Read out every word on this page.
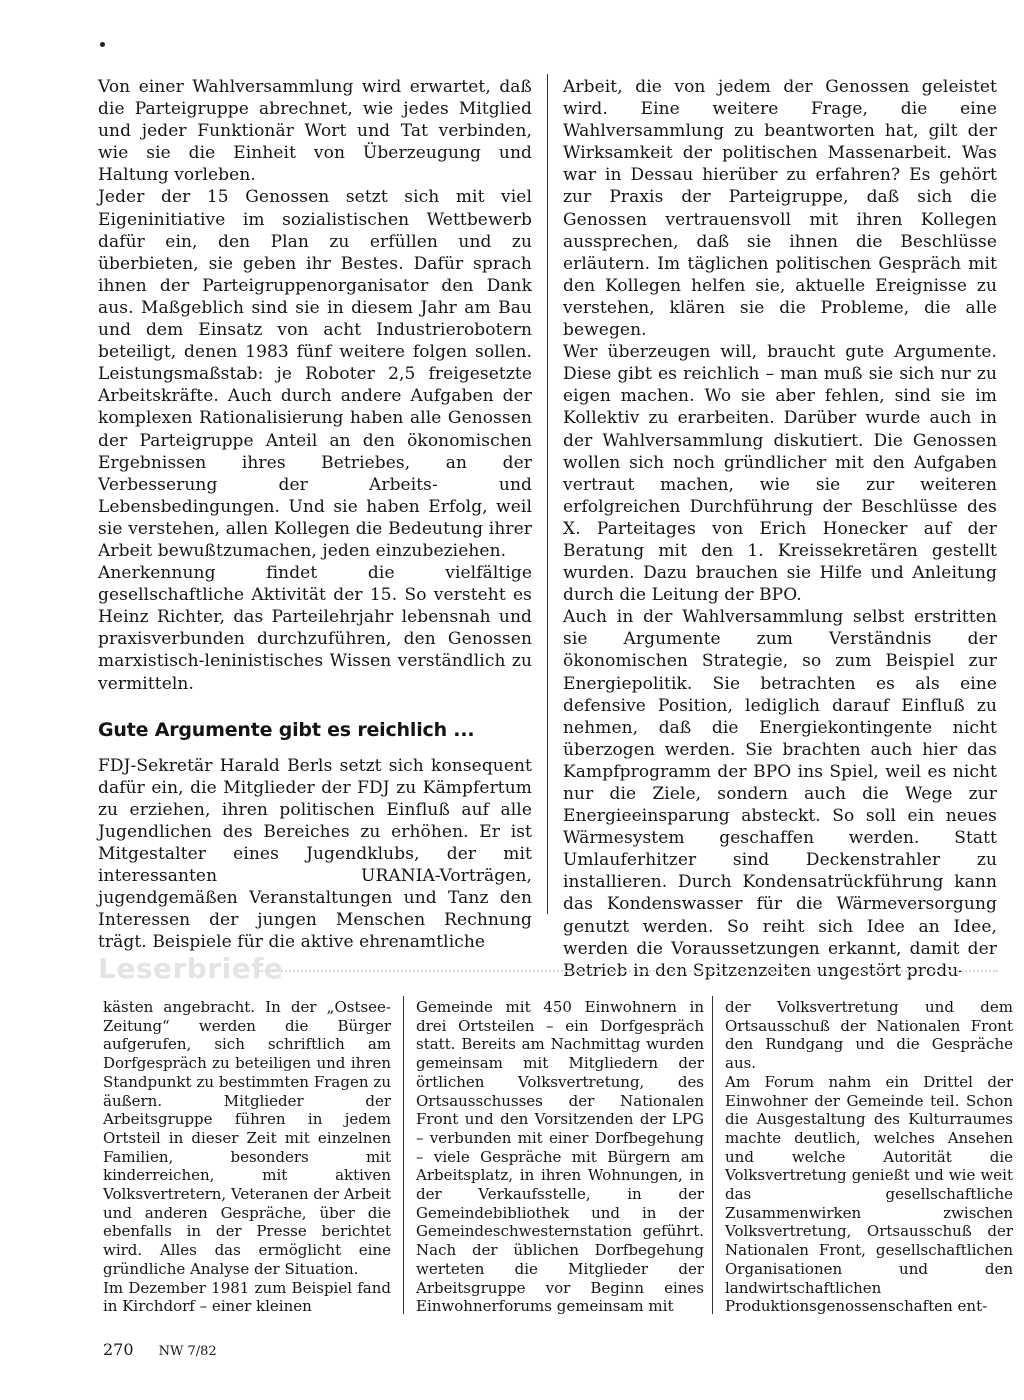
Von einer Wahlversammlung wird erwartet, daß die Parteigruppe abrechnet, wie jedes Mitglied und jeder Funktionär Wort und Tat verbinden, wie sie die Einheit von Überzeugung und Haltung vorleben.

Jeder der 15 Genossen setzt sich mit viel Eigeninitiative im sozialistischen Wettbewerb dafür ein, den Plan zu erfüllen und zu überbieten, sie geben ihr Bestes. Dafür sprach ihnen der Parteigruppenorganisator den Dank aus. Maßgeblich sind sie in diesem Jahr am Bau und dem Einsatz von acht Industrierobotern beteiligt, denen 1983 fünf weitere folgen sollen. Leistungsmaßstab: je Roboter 2,5 freigesetzte Arbeitskräfte. Auch durch andere Aufgaben der komplexen Rationalisierung haben alle Genossen der Parteigruppe Anteil an den ökonomischen Ergebnissen ihres Betriebes, an der Verbesserung der Arbeits- und Lebensbedingungen. Und sie haben Erfolg, weil sie verstehen, allen Kollegen die Bedeutung ihrer Arbeit bewußtzumachen, jeden einzubeziehen.

Anerkennung findet die vielfältige gesellschaftliche Aktivität der 15. So versteht es Heinz Richter, das Parteilehrjahr lebensnah und praxisverbunden durchzuführen, den Genossen marxistisch-leninistisches Wissen verständlich zu vermitteln.

Gute Argumente gibt es reichlich ...

FDJ-Sekretär Harald Berls setzt sich konsequent dafür ein, die Mitglieder der FDJ zu Kämpfertum zu erziehen, ihren politischen Einfluß auf alle Jugendlichen des Bereiches zu erhöhen. Er ist Mitgestalter eines Jugendklubs, der mit interessanten URANIA-Vorträgen, jugendgemäßen Veranstaltungen und Tanz den Interessen der jungen Menschen Rechnung trägt. Beispiele für die aktive ehrenamtliche

Arbeit, die von jedem der Genossen geleistet wird. Eine weitere Frage, die eine Wahlversammlung zu beantworten hat, gilt der Wirksamkeit der politischen Massenarbeit. Was war in Dessau hierüber zu erfahren? Es gehört zur Praxis der Parteigruppe, daß sich die Genossen vertrauensvoll mit ihren Kollegen aussprechen, daß sie ihnen die Beschlüsse erläutern. Im täglichen politischen Gespräch mit den Kollegen helfen sie, aktuelle Ereignisse zu verstehen, klären sie die Probleme, die alle bewegen.

Wer überzeugen will, braucht gute Argumente. Diese gibt es reichlich – man muß sie sich nur zu eigen machen. Wo sie aber fehlen, sind sie im Kollektiv zu erarbeiten. Darüber wurde auch in der Wahlversammlung diskutiert. Die Genossen wollen sich noch gründlicher mit den Aufgaben vertraut machen, wie sie zur weiteren erfolgreichen Durchführung der Beschlüsse des X. Parteitages von Erich Honecker auf der Beratung mit den 1. Kreissekretären gestellt wurden. Dazu brauchen sie Hilfe und Anleitung durch die Leitung der BPO.

Auch in der Wahlversammlung selbst erstritten sie Argumente zum Verständnis der ökonomischen Strategie, so zum Beispiel zur Energiepolitik. Sie betrachten es als eine defensive Position, lediglich darauf Einfluß zu nehmen, daß die Energiekontingente nicht überzogen werden. Sie brachten auch hier das Kampfprogramm der BPO ins Spiel, weil es nicht nur die Ziele, sondern auch die Wege zur Energieeinsparung absteckt. So soll ein neues Wärmesystem geschaffen werden. Statt Umlauferhitzer sind Deckenstrahler zu installieren. Durch Kondensatrückführung kann das Kondenswasser für die Wärmeversorgung genutzt werden. So reiht sich Idee an Idee, werden die Voraussetzungen erkannt, damit der Betrieb in den Spitzenzeiten ungestört produ-

Leserbriefe

kästen angebracht. In der „Ostsee-Zeitung“ werden die Bürger aufgerufen, sich schriftlich am Dorfgespräch zu beteiligen und ihren Standpunkt zu bestimmten Fragen zu äußern. Mitglieder der Arbeitsgruppe führen in jedem Ortsteil in dieser Zeit mit einzelnen Familien, besonders mit kinderreichen, mit aktiven Volksvertretern, Veteranen der Arbeit und anderen Gespräche, über die ebenfalls in der Presse berichtet wird. Alles das ermöglicht eine gründliche Analyse der Situation.

Im Dezember 1981 zum Beispiel fand in Kirchdorf – einer kleinen

Gemeinde mit 450 Einwohnern in drei Ortsteilen – ein Dorfgespräch statt. Bereits am Nachmittag wurden gemeinsam mit Mitgliedern der örtlichen Volksvertretung, des Ortsausschusses der Nationalen Front und den Vorsitzenden der LPG – verbunden mit einer Dorfbegehung – viele Gespräche mit Bürgern am Arbeitsplatz, in ihren Wohnungen, in der Verkaufsstelle, in der Gemeindebibliothek und in der Gemeindeschwesternstation geführt. Nach der üblichen Dorfbegehung werteten die Mitglieder der Arbeitsgruppe vor Beginn eines Einwohnerforums gemeinsam mit

der Volksvertretung und dem Ortsausschuß der Nationalen Front den Rundgang und die Gespräche aus.

Am Forum nahm ein Drittel der Einwohner der Gemeinde teil. Schon die Ausgestaltung des Kulturraumes machte deutlich, welches Ansehen und welche Autorität die Volksvertretung genießt und wie weit das gesellschaftliche Zusammenwirken zwischen Volksvertretung, Ortsausschuß der Nationalen Front, gesellschaftlichen Organisationen und den landwirtschaftlichen Produktionsgenossenschaften ent-

270 NW 7/82
